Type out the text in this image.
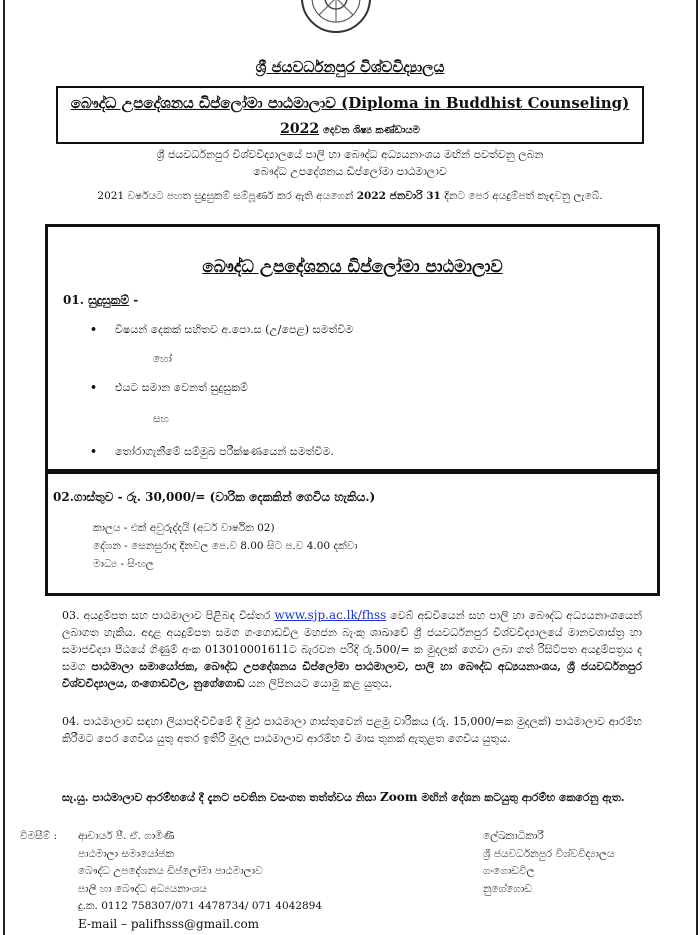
ශ්‍රී ජයවර්ධනපුර විශ්වවිද්‍යාලය
බෞද්ධ උපදේශනය ඩිප්ලෝමා පාඨමාලාව (Diploma in Buddhist Counseling)
2022 දෙවන ශිෂ්‍ය කණ්ඩායම
ශ්‍රී ජයවර්ධනපුර විශ්වවිද්‍යාලයේ පාලි හා බෞද්ධ අධ්‍යයනාංශය මඟින් පවත්වනු ලබන
බෞද්ධ උපදේශනය ඩිප්ලෝමා පාඨමාලාව
2021 වර්ෂයට පහත සුදුසුකම් සම්පූර්ණ කර ඇති අයගෙන් 2022 ජනවාරි 31 දිනට පෙර අයදුම්පත් කැඳවනු ලැබේ.
බෞද්ධ උපදේශනය ඩිප්ලෝමා පාඨමාලාව
01. සුදුසුකම් -
• විෂයන් දෙකක් සහිතව අ.පො.ස (උ/පෙළ) සමත්වීම
හෝ
• එයට සමාන වෙනත් සුදුසුකම්
සහ
• තෝරාගැනීමේ සම්මුඛ පරීක්ෂණයෙන් සමත්වීම.
02.ගාස්තුව - රු. 30,000/= (වාරික දෙකකින් ගෙවිය හැකිය.)
කාලය - එක් අවුරුද්දයි (අර්ධ වාර්ෂික 02)
දේශන - සෙනසුරාදා දිනවල පෙ.ව 8.00 සිට ප.ව 4.00 දක්වා
මාධ්‍ය - සිංහල
03. අයදුම්පත සහ පාඨමාලාව පිළිබඳ විස්තර www.sjp.ac.lk/fhss වෙබ් අඩවියෙන් සහ පාලි හා බෞද්ධ අධ්‍යයනාංශයෙන් ලබාගත හැකිය. අදාළ අයදුම්පත සමග ගංගොඩවිල මහජන බැංකු ශාඛාවේ ශ්‍රී ජයවර්ධනපුර විශ්වවිද්‍යාලයේ මානවශාස්ත්‍ර හා සමාජවිද්‍යා පීඨයේ ගිණුම් අංක 013010001611ට බැරවන පරිදි රු.500/= ක මුදලක් ගෙවා ලබා ගත් රිසිට්පත අයදුම්පත්‍රය ද සමග පාඨමාලා සමායෝජක, බෞද්ධ උපදේශනය ඩිප්ලෝමා පාඨමාලාව, පාලි හා බෞද්ධ අධ්‍යයනාංශය, ශ්‍රී ජයවර්ධනපුර විශ්වවිද්‍යාලය, ගංගොඩවිල, නුගේගොඩ යන ලිපිනයට යොමු කළ යුතුය.
04. පාඨමාලාව සඳහා ලියාපදිංචිවීමේ දී මුළු පාඨමාලා ගාස්තුවෙන් පළමු වාරිකය (රු. 15,000/=ක මුදලක්) පාඨමාලාව ආරම්භ කිරීමට පෙර ගෙවිය යුතු අතර ඉතිරි මුදල පාඨමාලාව ආරම්භ වී මාස තුනක් ඇතුළත ගෙවිය යුතුය.
සැ.යු. පාඨමාලාව ආරම්භයේ දී දැනට පවතින වසංගත තත්ත්වය නිසා Zoom මඟින් දේශන කටයුතු ආරම්භ කෙරෙනු ඇත.
විමසීම් : ආචාර්ය පී. ඒ. ගාමිණී
පාඨමාලා සමායෝජක
බෞද්ධ උපදේශනය ඩිප්ලෝමා පාඨමාලාව
පාලි හා බෞද්ධ අධ්‍යයනාංශය
දු.ක. 0112 758307/071 4478734/ 071 4042894
E-mail – palifhsss@gmail.com
ලේඛකාධිකාරී
ශ්‍රී ජයවර්ධනපුර විශ්වවිද්‍යාලය
ගංගොඩවිල
නුගේගොඩ
